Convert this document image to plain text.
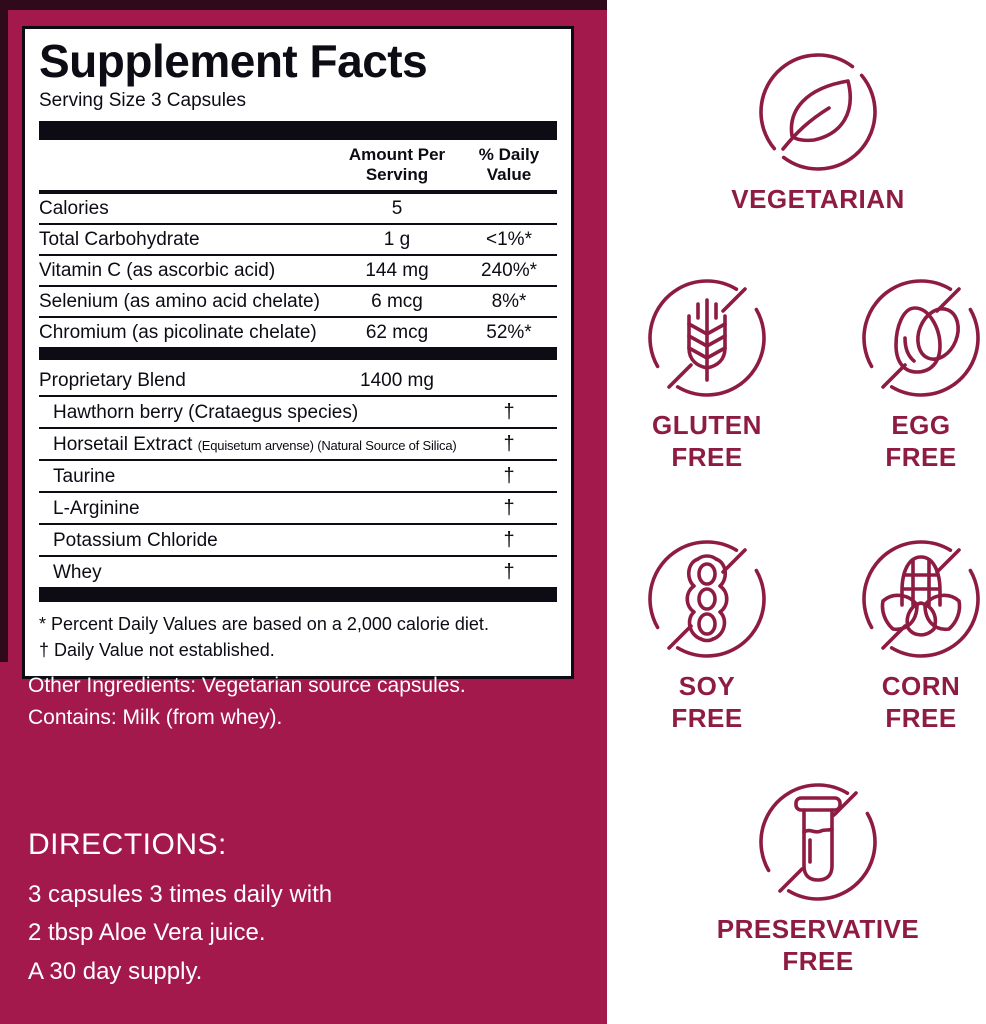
Supplement Facts
Serving Size 3 Capsules
Amount Per Serving
% Daily Value
Calories	5
Total Carbohydrate	1 g	<1%*
Vitamin C (as ascorbic acid)	144 mg	240%*
Selenium (as amino acid chelate)	6 mcg	8%*
Chromium (as picolinate chelate)	62 mcg	52%*
Proprietary Blend	1400 mg
Hawthorn berry (Crataegus species)	†
Horsetail Extract (Equisetum arvense) (Natural Source of Silica)	†
Taurine	†
L-Arginine	†
Potassium Chloride	†
Whey	†
* Percent Daily Values are based on a 2,000 calorie diet.
† Daily Value not established.
Other Ingredients: Vegetarian source capsules.
Contains: Milk (from whey).
DIRECTIONS:
3 capsules 3 times daily with
2 tbsp Aloe Vera juice.
A 30 day supply.
VEGETARIAN
GLUTEN
FREE
EGG
FREE
SOY
FREE
CORN
FREE
PRESERVATIVE
FREE
